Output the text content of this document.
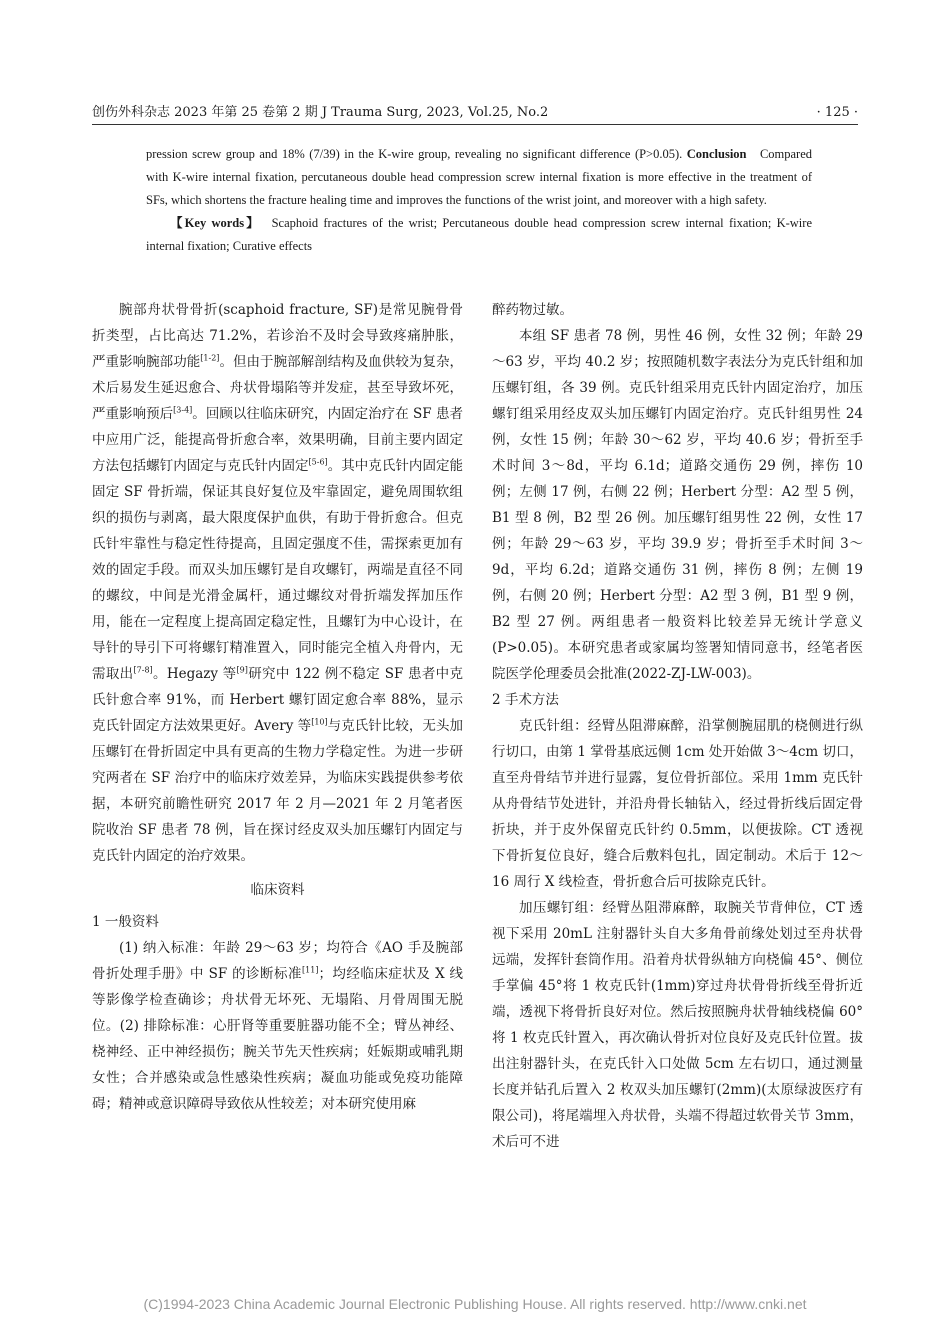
创伤外科杂志 2023 年第 25 卷第 2 期 J Trauma Surg, 2023, Vol.25, No.2	· 125 ·

pression screw group and 18% (7/39) in the K-wire group, revealing no significant difference (P>0.05). Conclusion Compared with K-wire internal fixation, percutaneous double head compression screw internal fixation is more effective in the treatment of SFs, which shortens the fracture healing time and improves the functions of the wrist joint, and moreover with a high safety.

【Key words】 Scaphoid fractures of the wrist; Percutaneous double head compression screw internal fixation; K-wire internal fixation; Curative effects

腕部舟状骨骨折(scaphoid fracture, SF)是常见腕骨骨折类型，占比高达 71.2%，若诊治不及时会导致疼痛肿胀，严重影响腕部功能[1-2]。但由于腕部解剖结构及血供较为复杂，术后易发生延迟愈合、舟状骨塌陷等并发症，甚至导致坏死，严重影响预后[3-4]。回顾以往临床研究，内固定治疗在 SF 患者中应用广泛，能提高骨折愈合率，效果明确，目前主要内固定方法包括螺钉内固定与克氏针内固定[5-6]。其中克氏针内固定能固定 SF 骨折端，保证其良好复位及牢靠固定，避免周围软组织的损伤与剥离，最大限度保护血供，有助于骨折愈合。但克氏针牢靠性与稳定性待提高，且固定强度不佳，需探索更加有效的固定手段。而双头加压螺钉是自攻螺钉，两端是直径不同的螺纹，中间是光滑金属杆，通过螺纹对骨折端发挥加压作用，能在一定程度上提高固定稳定性，且螺钉为中心设计，在导针的导引下可将螺钉精准置入，同时能完全植入舟骨内，无需取出[7-8]。Hegazy 等[9]研究中 122 例不稳定 SF 患者中克氏针愈合率 91%，而 Herbert 螺钉固定愈合率 88%，显示克氏针固定方法效果更好。Avery 等[10]与克氏针比较，无头加压螺钉在骨折固定中具有更高的生物力学稳定性。为进一步研究两者在 SF 治疗中的临床疗效差异，为临床实践提供参考依据，本研究前瞻性研究 2017 年 2 月—2021 年 2 月笔者医院收治 SF 患者 78 例，旨在探讨经皮双头加压螺钉内固定与克氏针内固定的治疗效果。

临床资料

1 一般资料

(1) 纳入标准：年龄 29～63 岁；均符合《AO 手及腕部骨折处理手册》中 SF 的诊断标准[11]；均经临床症状及 X 线等影像学检查确诊；舟状骨无坏死、无塌陷、月骨周围无脱位。(2) 排除标准：心肝肾等重要脏器功能不全；臂丛神经、桡神经、正中神经损伤；腕关节先天性疾病；妊娠期或哺乳期女性；合并感染或急性感染性疾病；凝血功能或免疫功能障碍；精神或意识障碍导致依从性较差；对本研究使用麻

醉药物过敏。

本组 SF 患者 78 例，男性 46 例，女性 32 例；年龄 29～63 岁，平均 40.2 岁；按照随机数字表法分为克氏针组和加压螺钉组，各 39 例。克氏针组采用克氏针内固定治疗，加压螺钉组采用经皮双头加压螺钉内固定治疗。克氏针组男性 24 例，女性 15 例；年龄 30～62 岁，平均 40.6 岁；骨折至手术时间 3～8d，平均 6.1d；道路交通伤 29 例，摔伤 10 例；左侧 17 例，右侧 22 例；Herbert 分型：A2 型 5 例，B1 型 8 例，B2 型 26 例。加压螺钉组男性 22 例，女性 17 例；年龄 29～63 岁，平均 39.9 岁；骨折至手术时间 3～9d，平均 6.2d；道路交通伤 31 例，摔伤 8 例；左侧 19 例，右侧 20 例；Herbert 分型：A2 型 3 例，B1 型 9 例，B2 型 27 例。两组患者一般资料比较差异无统计学意义(P>0.05)。本研究患者或家属均签署知情同意书，经笔者医院医学伦理委员会批准(2022-ZJ-LW-003)。

2 手术方法

克氏针组：经臂丛阻滞麻醉，沿掌侧腕屈肌的桡侧进行纵行切口，由第 1 掌骨基底远侧 1cm 处开始做 3～4cm 切口，直至舟骨结节并进行显露，复位骨折部位。采用 1mm 克氏针从舟骨结节处进针，并沿舟骨长轴钻入，经过骨折线后固定骨折块，并于皮外保留克氏针约 0.5mm，以便拔除。CT 透视下骨折复位良好，缝合后敷料包扎，固定制动。术后于 12～16 周行 X 线检查，骨折愈合后可拔除克氏针。

加压螺钉组：经臂丛阻滞麻醉，取腕关节背伸位，CT 透视下采用 20mL 注射器针头自大多角骨前缘处划过至舟状骨远端，发挥针套筒作用。沿着舟状骨纵轴方向桡偏 45°、侧位手掌偏 45°将 1 枚克氏针(1mm)穿过舟状骨骨折线至骨折近端，透视下将骨折良好对位。然后按照腕舟状骨轴线桡偏 60°将 1 枚克氏针置入，再次确认骨折对位良好及克氏针位置。拔出注射器针头，在克氏针入口处做 5cm 左右切口，通过测量长度并钻孔后置入 2 枚双头加压螺钉(2mm)(太原绿波医疗有限公司)，将尾端埋入舟状骨，头端不得超过软骨关节 3mm，术后可不进

(C)1994-2023 China Academic Journal Electronic Publishing House. All rights reserved. http://www.cnki.net
